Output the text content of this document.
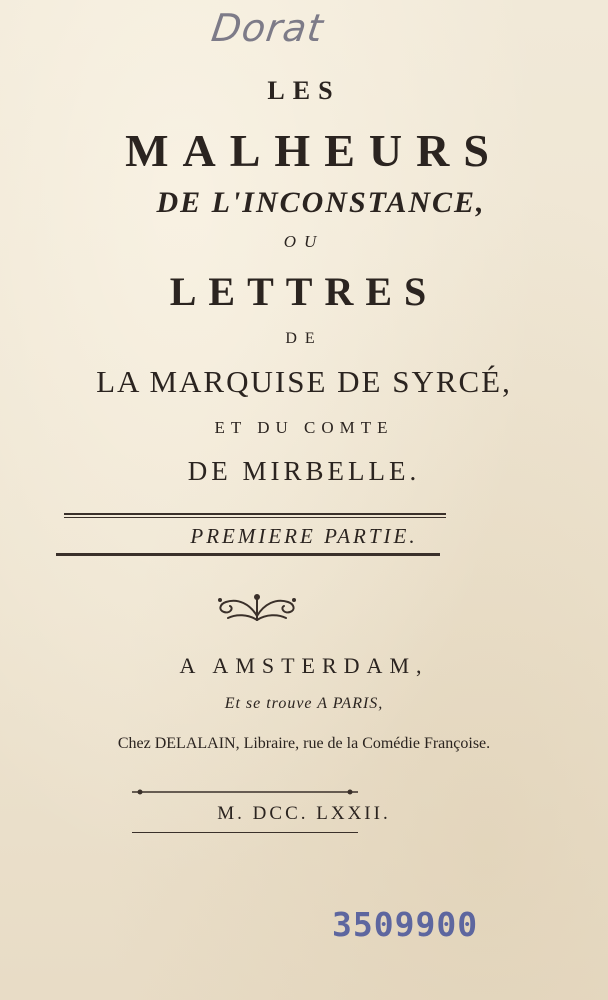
Dorat
LES
MALHEURS
DE L'INCONSTANCE,
OU
LETTRES
DE
LA MARQUISE DE SYRCÉ,
ET DU COMTE
DE MIRBELLE.
PREMIERE PARTIE.
A AMSTERDAM,
Et se trouve A PARIS,
Chez DELALAIN, Libraire, rue de la Comédie Françoise.
M. DCC. LXXII.
3509900
